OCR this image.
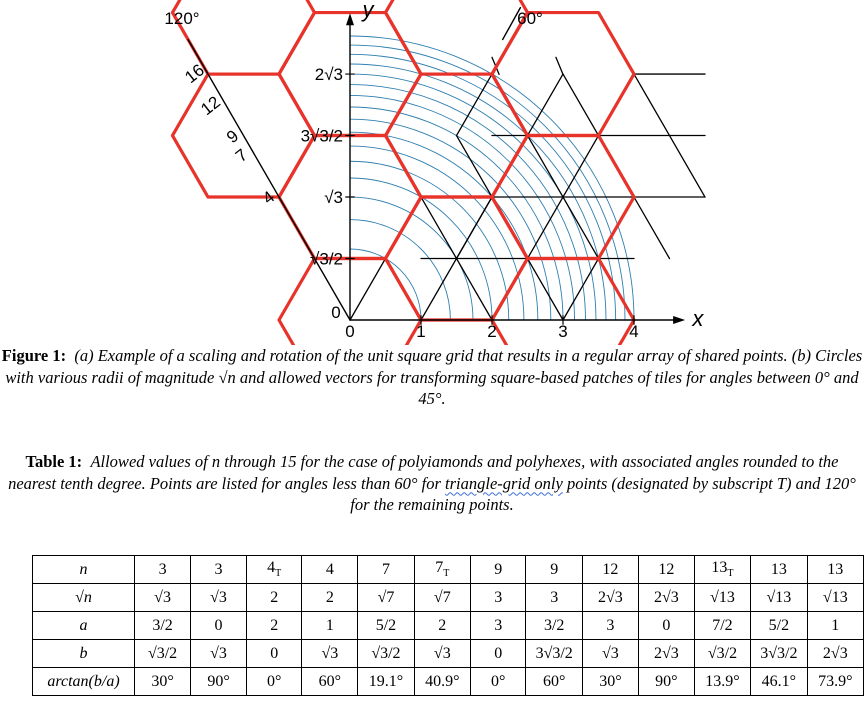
x
y
120°	60°
0	1	2	3	4
0
√3/2
√3
3√3/2
2√3
4
7
9
12
16

Figure 1: (a) Example of a scaling and rotation of the unit square grid that results in a regular array of shared points. (b) Circles with various radii of magnitude √n and allowed vectors for transforming square-based patches of tiles for angles between 0° and 45°.

Table 1: Allowed values of n through 15 for the case of polyiamonds and polyhexes, with associated angles rounded to the nearest tenth degree. Points are listed for angles less than 60° for triangle-grid only points (designated by subscript T) and 120° for the remaining points.

n	3	3	$4_T$	4	7	$7_T$	9	9	12	12	$13_T$	13	13
√n	√3	√3	2	2	√7	√7	3	3	2√3	2√3	√13	√13	√13
a	3/2	0	2	1	5/2	2	3	3/2	3	0	7/2	5/2	1
b	√3/2	√3	0	√3	√3/2	√3	0	3√3/2	√3	2√3	√3/2	3√3/2	2√3
arctan(b/a)	30°	90°	0°	60°	19.1°	40.9°	0°	60°	30°	90°	13.9°	46.1°	73.9°
